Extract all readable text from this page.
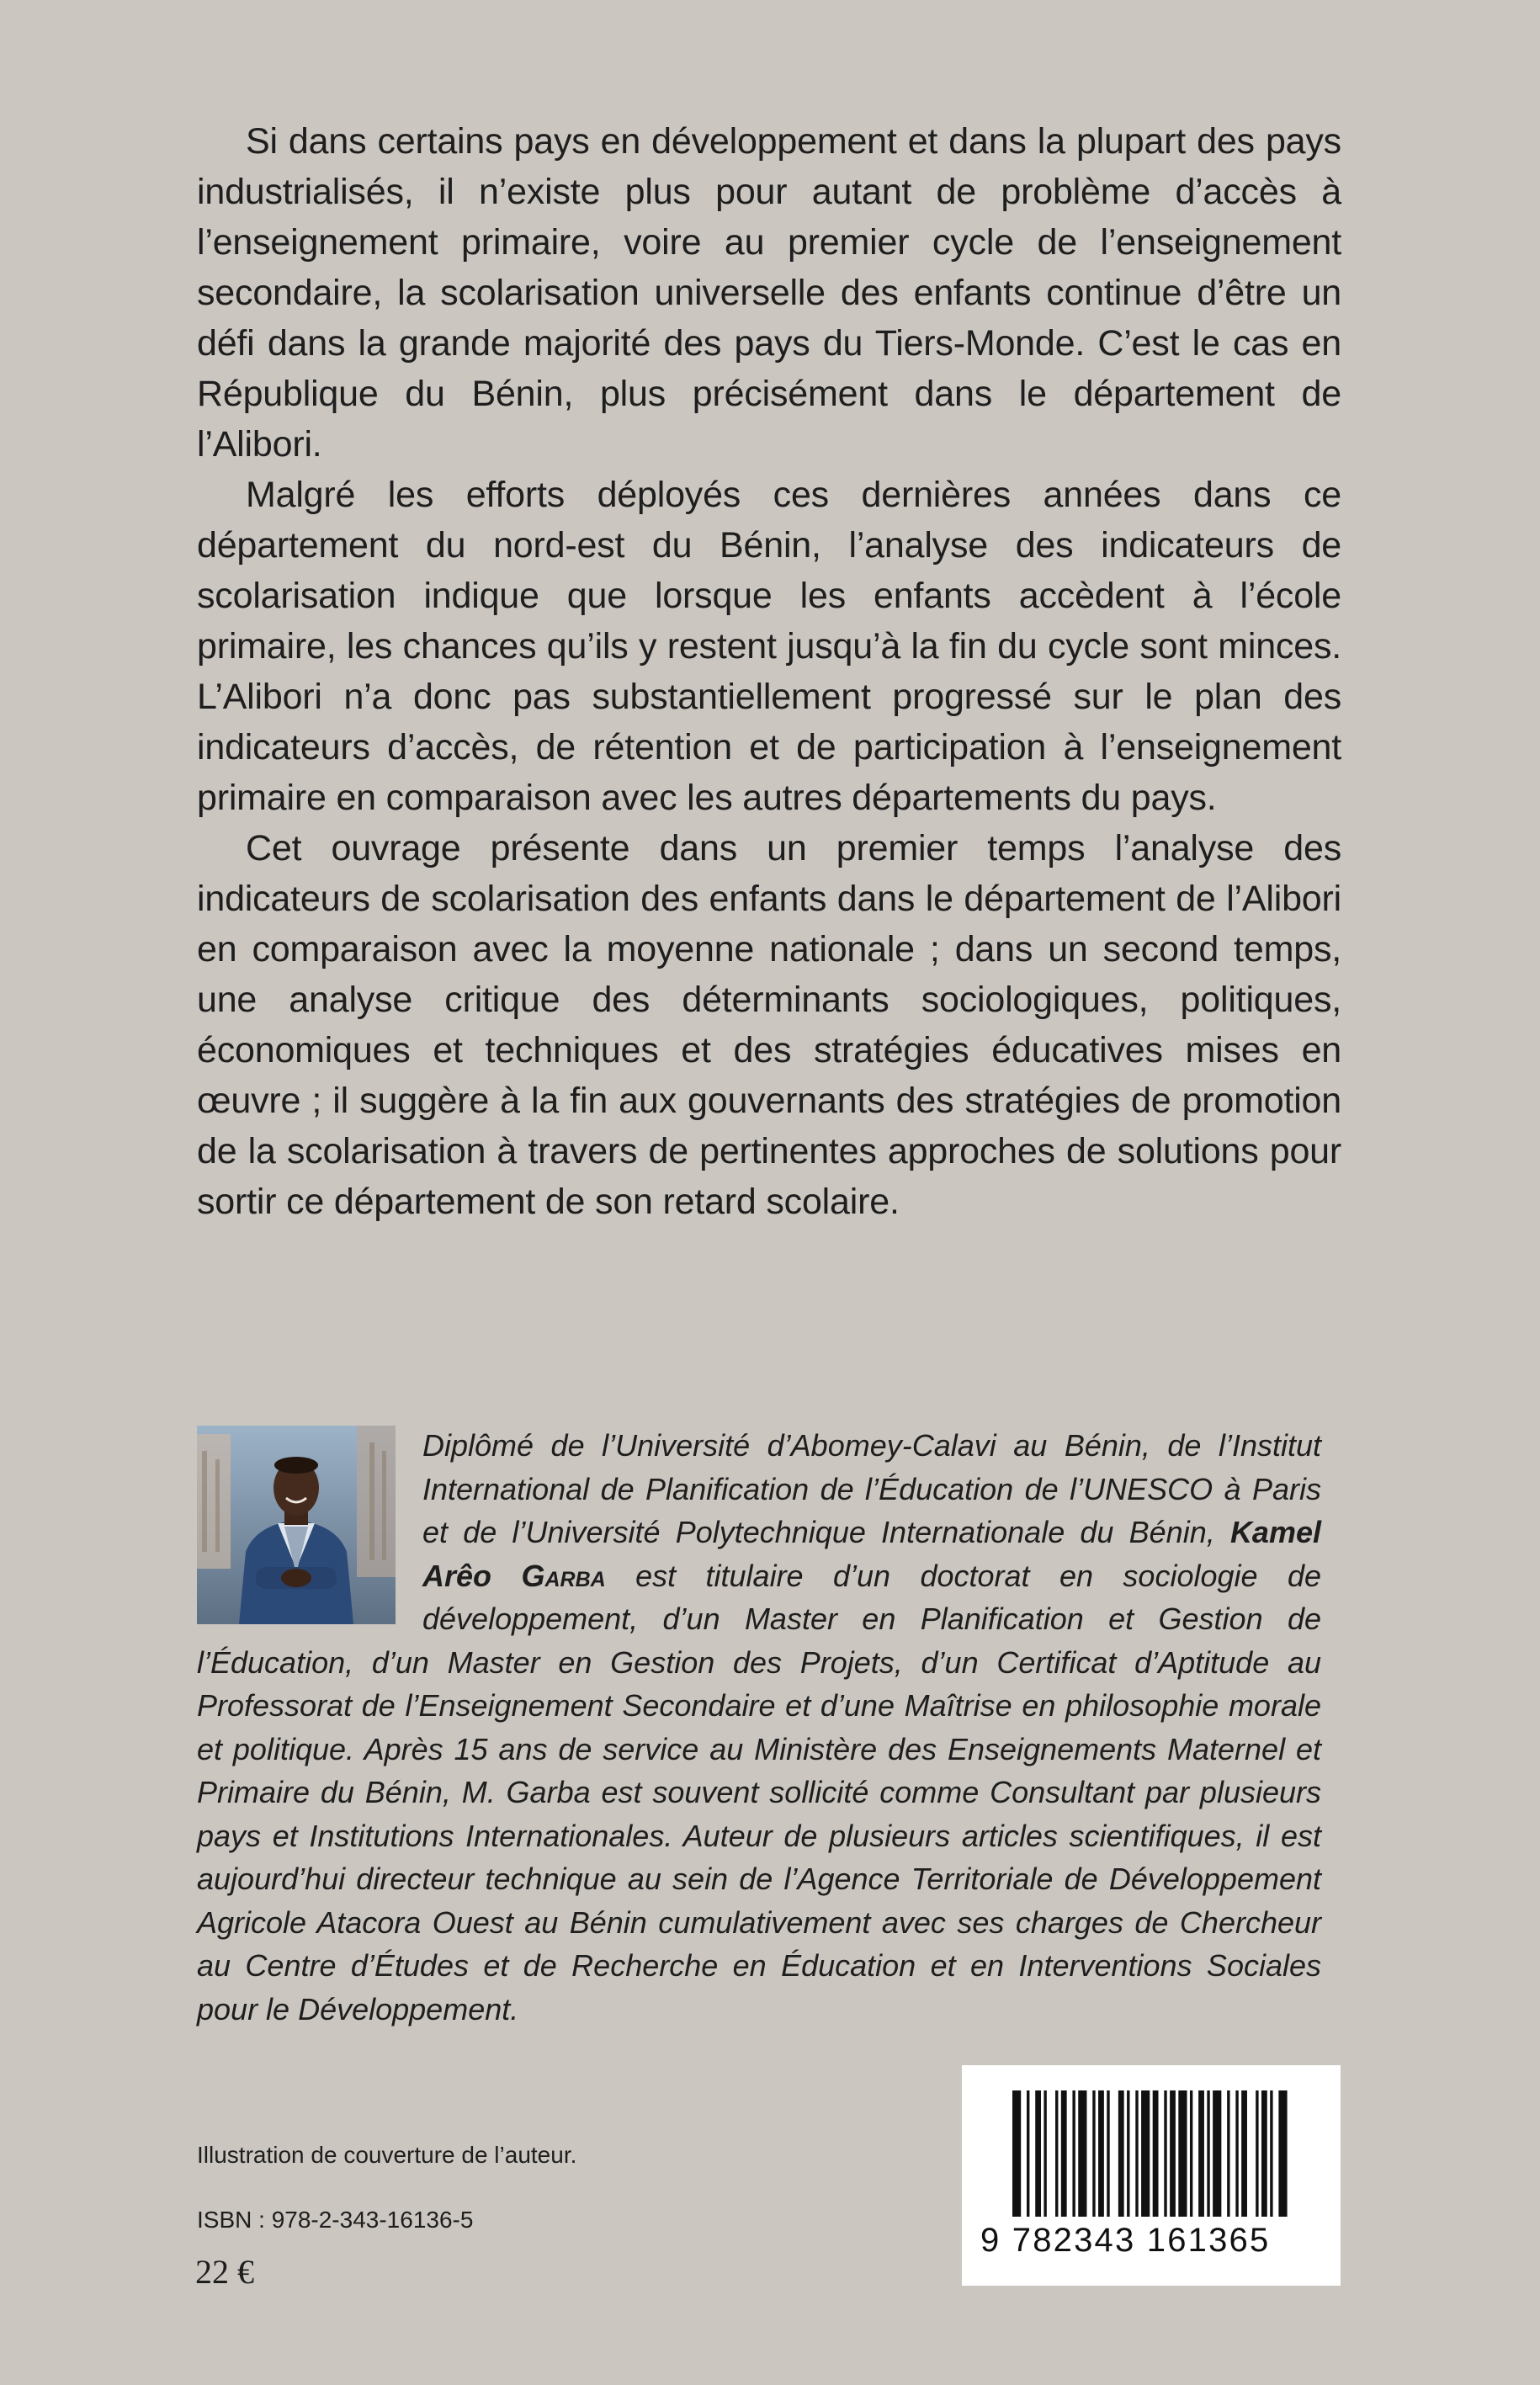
Si dans certains pays en développement et dans la plupart des pays industrialisés, il n’existe plus pour autant de problème d’accès à l’enseignement primaire, voire au premier cycle de l’enseignement secondaire, la scolarisation universelle des enfants continue d’être un défi dans la grande majorité des pays du Tiers-Monde. C’est le cas en République du Bénin, plus précisément dans le département de l’Alibori.

Malgré les efforts déployés ces dernières années dans ce département du nord-est du Bénin, l’analyse des indicateurs de scolarisation indique que lorsque les enfants accèdent à l’école primaire, les chances qu’ils y restent jusqu’à la fin du cycle sont minces. L’Alibori n’a donc pas substantiellement progressé sur le plan des indicateurs d’accès, de rétention et de participation à l’enseignement primaire en comparaison avec les autres départements du pays.

Cet ouvrage présente dans un premier temps l’analyse des indicateurs de scolarisation des enfants dans le département de l’Alibori en comparaison avec la moyenne nationale ; dans un second temps, une analyse critique des déterminants sociologiques, politiques, économiques et techniques et des stratégies éducatives mises en œuvre ; il suggère à la fin aux gouvernants des stratégies de promotion de la scolarisation à travers de pertinentes approches de solutions pour sortir ce département de son retard scolaire.

Diplômé de l’Université d’Abomey-Calavi au Bénin, de l’Institut International de Planification de l’Éducation de l’UNESCO à Paris et de l’Université Polytechnique Internationale du Bénin, Kamel Arêo Garba est titulaire d’un doctorat en sociologie de développement, d’un Master en Planification et Gestion de l’Éducation, d’un Master en Gestion des Projets, d’un Certificat d’Aptitude au Professorat de l’Enseignement Secondaire et d’une Maîtrise en philosophie morale et politique. Après 15 ans de service au Ministère des Enseignements Maternel et Primaire du Bénin, M. Garba est souvent sollicité comme Consultant par plusieurs pays et Institutions Internationales. Auteur de plusieurs articles scientifiques, il est aujourd’hui directeur technique au sein de l’Agence Territoriale de Développement Agricole Atacora Ouest au Bénin cumulativement avec ses charges de Chercheur au Centre d’Études et de Recherche en Éducation et en Interventions Sociales pour le Développement.

Illustration de couverture de l’auteur.

ISBN : 978-2-343-16136-5

22 €

9 782343 161365
